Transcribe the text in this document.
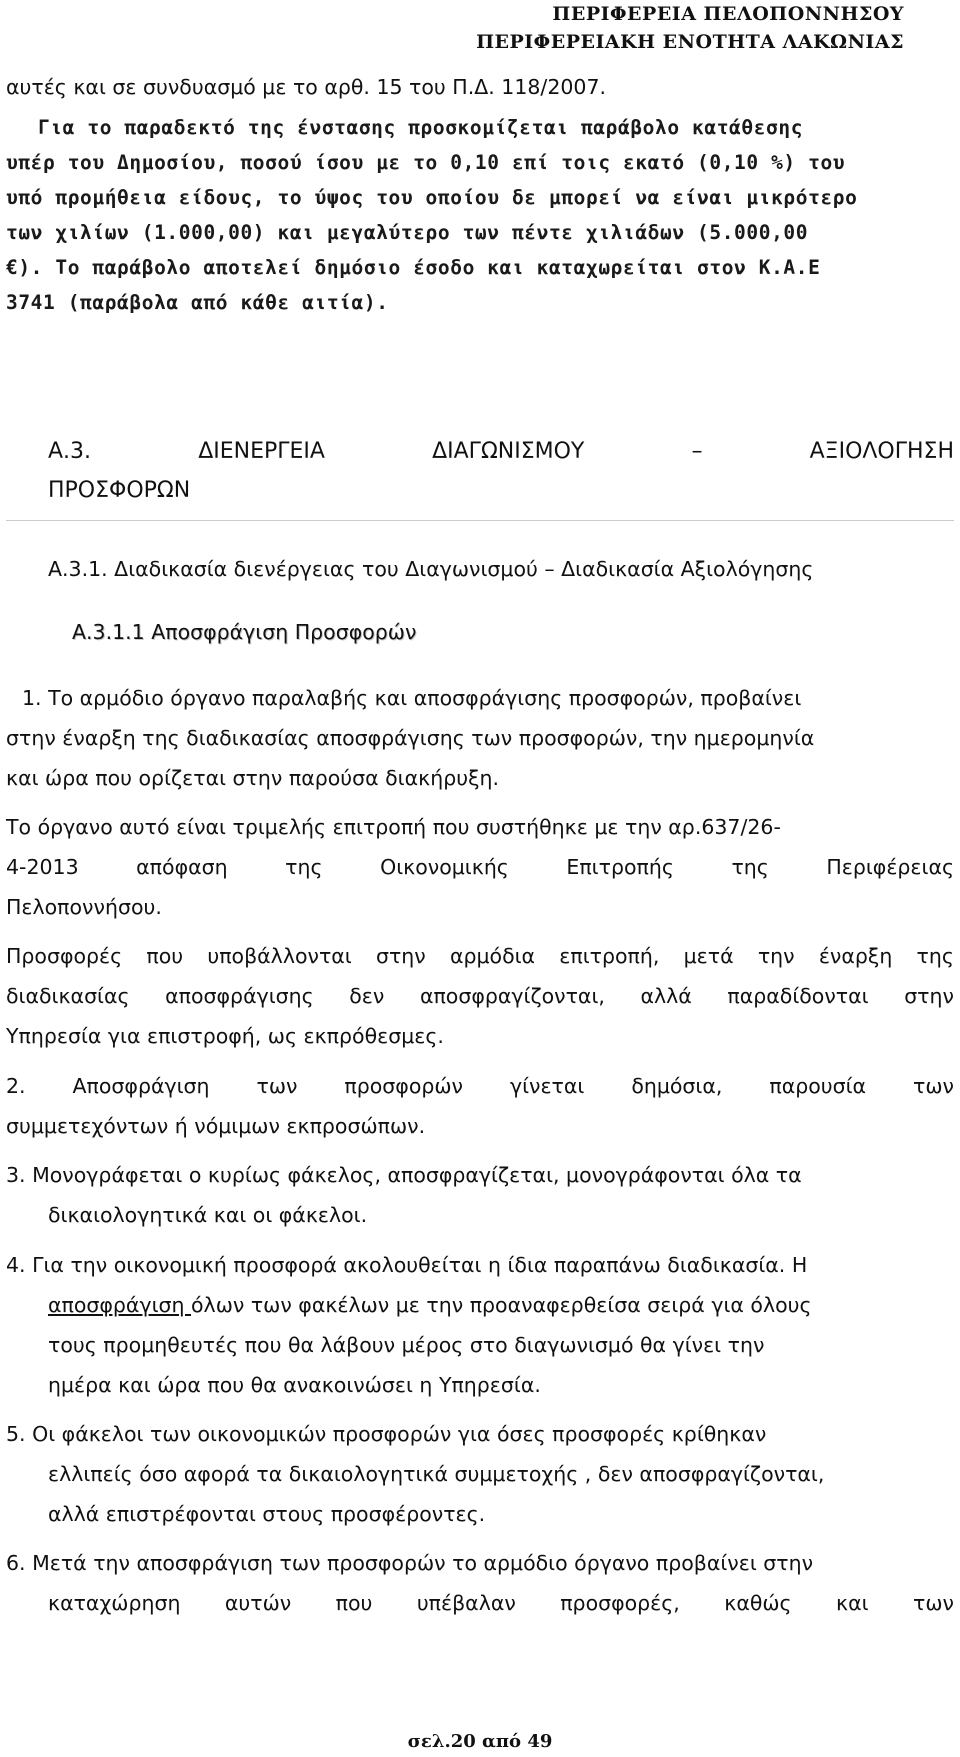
ΠΕΡΙΦΕΡΕΙΑ ΠΕΛΟΠΟΝΝΗΣΟΥ
ΠΕΡΙΦΕΡΕΙΑΚΗ ΕΝΟΤΗΤΑ ΛΑΚΩΝΙΑΣ
αυτές και σε συνδυασμό με το αρθ. 15 του Π.Δ. 118/2007.
Για το παραδεκτό της ένστασης προσκομίζεται παράβολο κατάθεσης
υπέρ του Δημοσίου, ποσού ίσου με το 0,10 επί τοις εκατό (0,10 %) του
υπό προμήθεια είδους, το ύψος του οποίου δε μπορεί να είναι μικρότερο
των χιλίων (1.000,00) και μεγαλύτερο των πέντε χιλιάδων (5.000,00
€). Το παράβολο αποτελεί δημόσιο έσοδο και καταχωρείται στον Κ.Α.Ε
3741 (παράβολα από κάθε αιτία).
Α.3.	ΔΙΕΝΕΡΓΕΙΑ	ΔΙΑΓΩΝΙΣΜΟΥ	–	ΑΞΙΟΛΟΓΗΣΗ
ΠΡΟΣΦΟΡΩΝ
Α.3.1. Διαδικασία διενέργειας του Διαγωνισμού – Διαδικασία Αξιολόγησης
Α.3.1.1 Αποσφράγιση Προσφορών
1. Το αρμόδιο όργανο παραλαβής και αποσφράγισης προσφορών, προβαίνει
στην έναρξη της διαδικασίας αποσφράγισης των προσφορών, την ημερομηνία
και ώρα που ορίζεται στην παρούσα διακήρυξη.
Το όργανο αυτό είναι τριμελής επιτροπή που συστήθηκε με την αρ.637/26-
4-2013	απόφαση	της	Οικονομικής	Επιτροπής	της	Περιφέρειας
Πελοποννήσου.
Προσφορές που υποβάλλονται στην αρμόδια επιτροπή, μετά την έναρξη της
διαδικασίας αποσφράγισης δεν αποσφραγίζονται, αλλά παραδίδονται στην
Υπηρεσία για επιστροφή, ως εκπρόθεσμες.
2. Αποσφράγιση των προσφορών γίνεται δημόσια, παρουσία των
συμμετεχόντων ή νόμιμων εκπροσώπων.
3. Μονογράφεται ο κυρίως φάκελος, αποσφραγίζεται, μονογράφονται όλα τα
δικαιολογητικά και οι φάκελοι.
4. Για την οικονομική προσφορά ακολουθείται η ίδια παραπάνω διαδικασία. Η
αποσφράγιση όλων των φακέλων με την προαναφερθείσα σειρά για όλους
τους προμηθευτές που θα λάβουν μέρος στο διαγωνισμό θα γίνει την
ημέρα και ώρα που θα ανακοινώσει η Υπηρεσία.
5. Οι φάκελοι των οικονομικών προσφορών για όσες προσφορές κρίθηκαν
ελλιπείς όσο αφορά τα δικαιολογητικά συμμετοχής , δεν αποσφραγίζονται,
αλλά επιστρέφονται στους προσφέροντες.
6. Μετά την αποσφράγιση των προσφορών το αρμόδιο όργανο προβαίνει στην
καταχώρηση αυτών που υπέβαλαν προσφορές, καθώς και των
σελ.20 από 49
